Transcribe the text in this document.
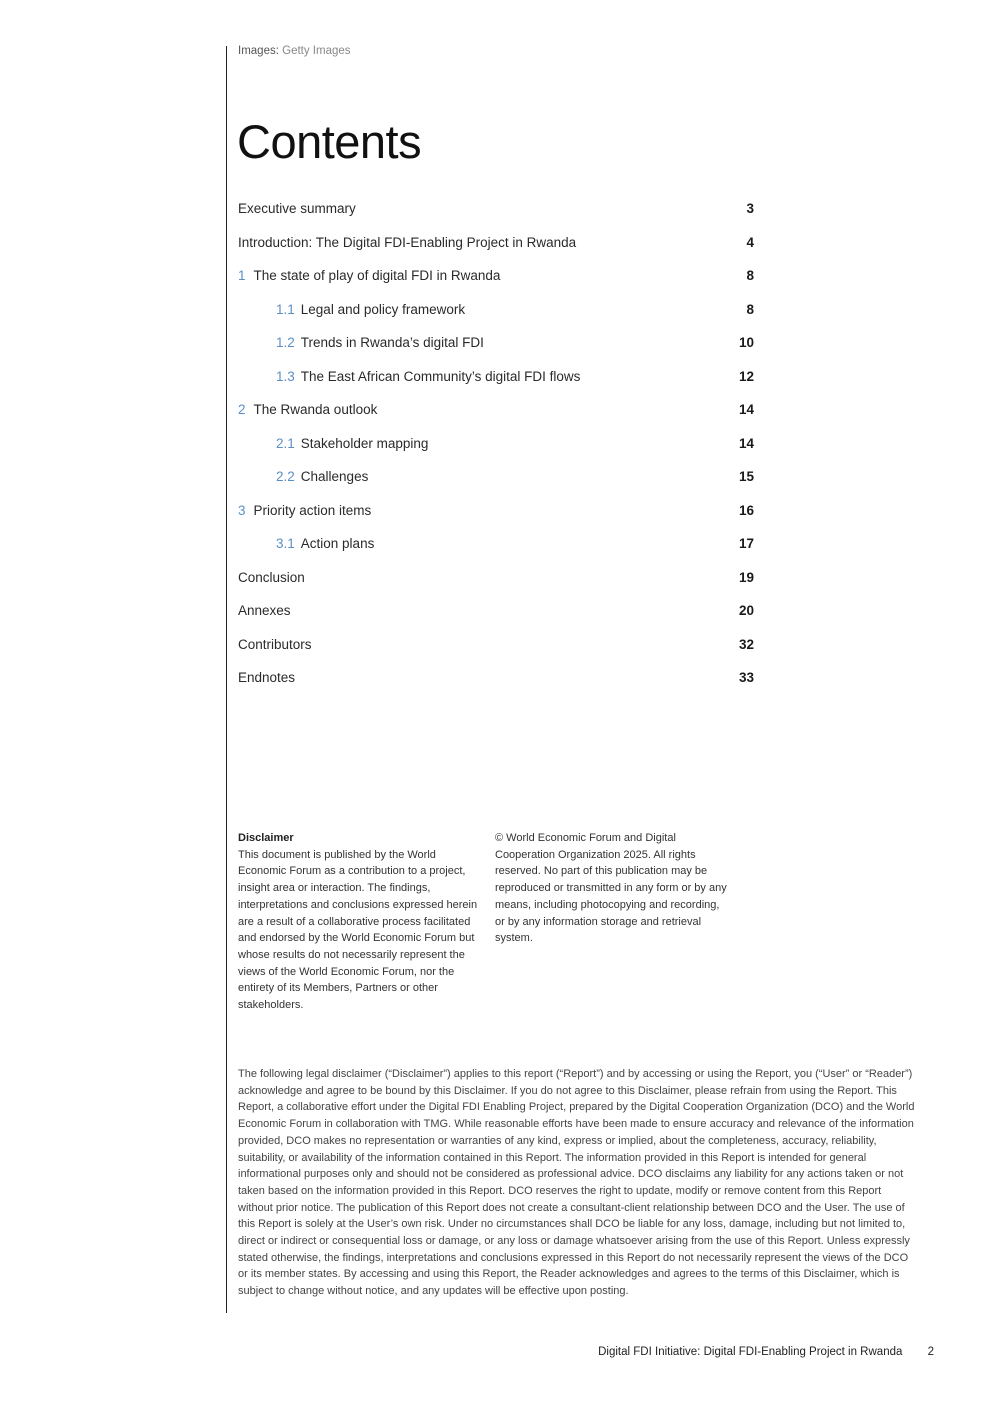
Images: Getty Images
Contents
Executive summary	3
Introduction: The Digital FDI-Enabling Project in Rwanda	4
1 The state of play of digital FDI in Rwanda	8
1.1 Legal and policy framework	8
1.2 Trends in Rwanda’s digital FDI	10
1.3 The East African Community’s digital FDI flows	12
2 The Rwanda outlook	14
2.1 Stakeholder mapping	14
2.2 Challenges	15
3 Priority action items	16
3.1 Action plans	17
Conclusion	19
Annexes	20
Contributors	32
Endnotes	33
Disclaimer
This document is published by the World Economic Forum as a contribution to a project, insight area or interaction. The findings, interpretations and conclusions expressed herein are a result of a collaborative process facilitated and endorsed by the World Economic Forum but whose results do not necessarily represent the views of the World Economic Forum, nor the entirety of its Members, Partners or other stakeholders.
© World Economic Forum and Digital Cooperation Organization 2025. All rights reserved. No part of this publication may be reproduced or transmitted in any form or by any means, including photocopying and recording, or by any information storage and retrieval system.
The following legal disclaimer (“Disclaimer”) applies to this report (“Report”) and by accessing or using the Report, you (“User” or “Reader”) acknowledge and agree to be bound by this Disclaimer. If you do not agree to this Disclaimer, please refrain from using the Report. This Report, a collaborative effort under the Digital FDI Enabling Project, prepared by the Digital Cooperation Organization (DCO) and the World Economic Forum in collaboration with TMG. While reasonable efforts have been made to ensure accuracy and relevance of the information provided, DCO makes no representation or warranties of any kind, express or implied, about the completeness, accuracy, reliability, suitability, or availability of the information contained in this Report. The information provided in this Report is intended for general informational purposes only and should not be considered as professional advice. DCO disclaims any liability for any actions taken or not taken based on the information provided in this Report. DCO reserves the right to update, modify or remove content from this Report without prior notice. The publication of this Report does not create a consultant-client relationship between DCO and the User. The use of this Report is solely at the User’s own risk. Under no circumstances shall DCO be liable for any loss, damage, including but not limited to, direct or indirect or consequential loss or damage, or any loss or damage whatsoever arising from the use of this Report. Unless expressly stated otherwise, the findings, interpretations and conclusions expressed in this Report do not necessarily represent the views of the DCO or its member states. By accessing and using this Report, the Reader acknowledges and agrees to the terms of this Disclaimer, which is subject to change without notice, and any updates will be effective upon posting.
Digital FDI Initiative: Digital FDI-Enabling Project in Rwanda 2
